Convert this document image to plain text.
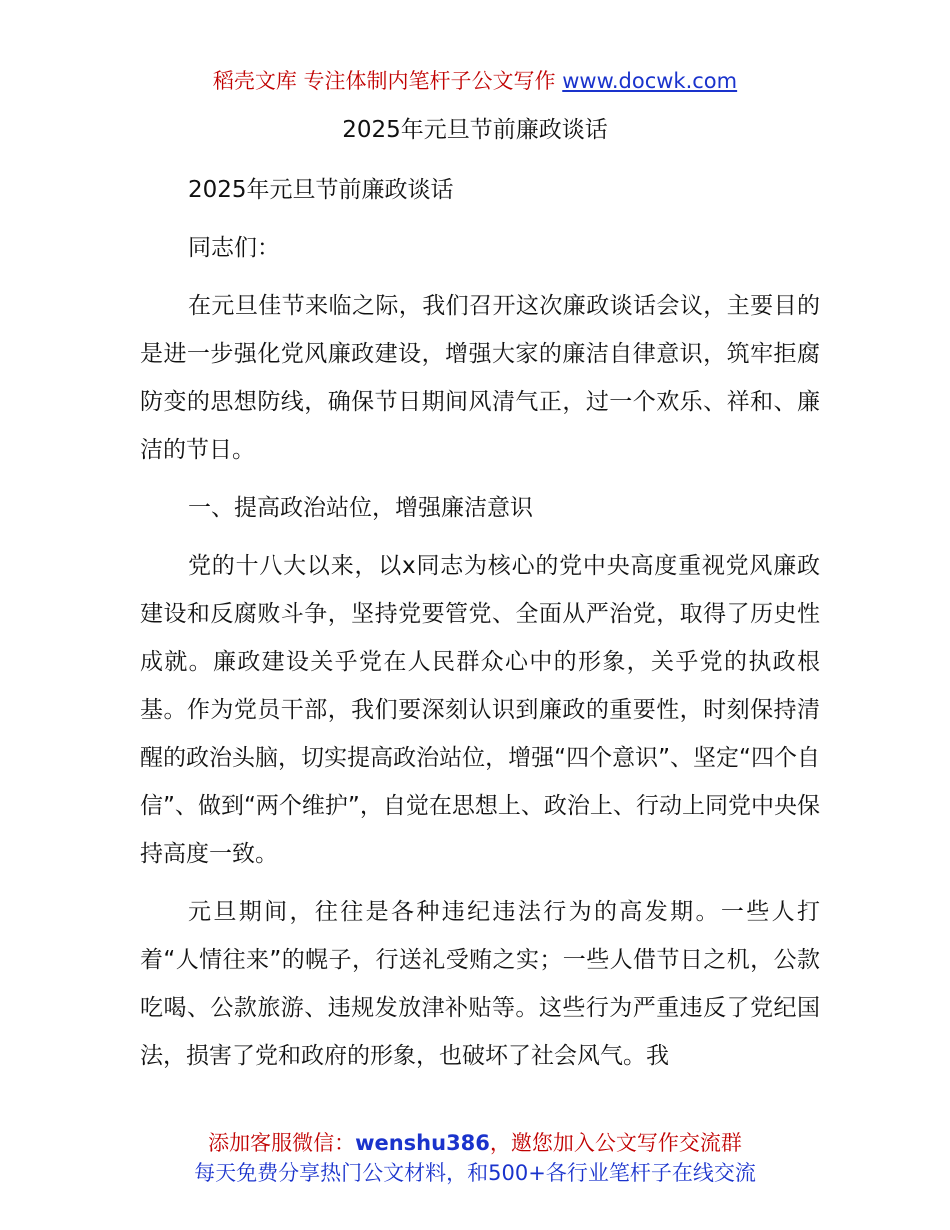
稻壳文库 专注体制内笔杆子公文写作 www.docwk.com
2025年元旦节前廉政谈话

2025年元旦节前廉政谈话

同志们：

在元旦佳节来临之际，我们召开这次廉政谈话会议，主要目的是进一步强化党风廉政建设，增强大家的廉洁自律意识，筑牢拒腐防变的思想防线，确保节日期间风清气正，过一个欢乐、祥和、廉洁的节日。

一、提高政治站位，增强廉洁意识

党的十八大以来，以x同志为核心的党中央高度重视党风廉政建设和反腐败斗争，坚持党要管党、全面从严治党，取得了历史性成就。廉政建设关乎党在人民群众心中的形象，关乎党的执政根基。作为党员干部，我们要深刻认识到廉政的重要性，时刻保持清醒的政治头脑，切实提高政治站位，增强“四个意识”、坚定“四个自信”、做到“两个维护”，自觉在思想上、政治上、行动上同党中央保持高度一致。

元旦期间，往往是各种违纪违法行为的高发期。一些人打着“人情往来”的幌子，行送礼受贿之实；一些人借节日之机，公款吃喝、公款旅游、违规发放津补贴等。这些行为严重违反了党纪国法，损害了党和政府的形象，也破坏了社会风气。我

添加客服微信：wenshu386，邀您加入公文写作交流群
每天免费分享热门公文材料，和500+各行业笔杆子在线交流
